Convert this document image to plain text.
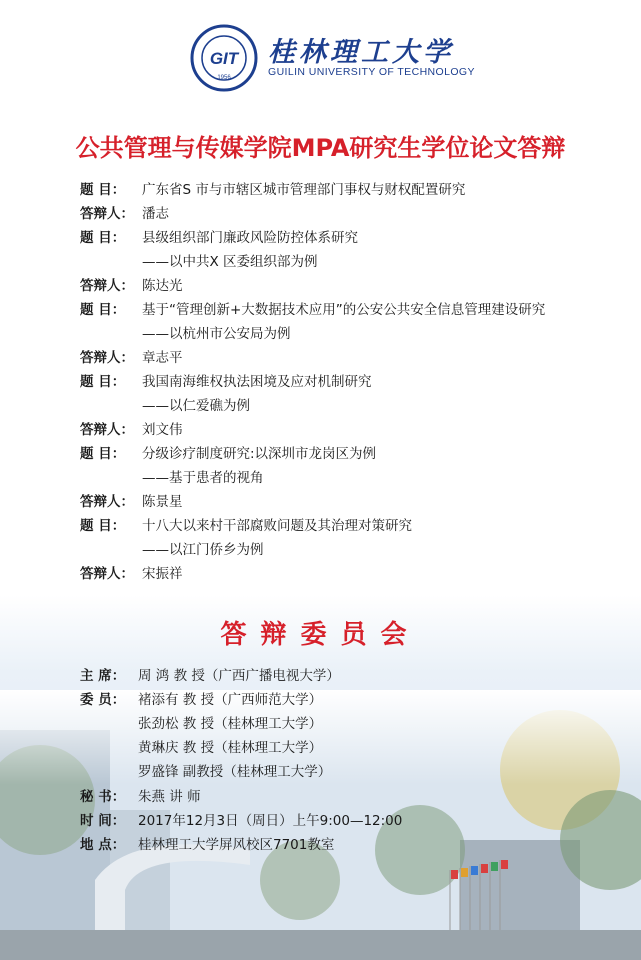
GIT
1956
桂林理工大学
GUILIN UNIVERSITY OF TECHNOLOGY
公共管理与传媒学院MPA研究生学位论文答辩
题 目： 广东省S 市与市辖区城市管理部门事权与财权配置研究
答辩人： 潘志
题 目： 县级组织部门廉政风险防控体系研究
——以中共X 区委组织部为例
答辩人： 陈达光
题 目： 基于“管理创新+大数据技术应用”的公安公共安全信息管理建设研究
——以杭州市公安局为例
答辩人： 章志平
题 目： 我国南海维权执法困境及应对机制研究
——以仁爱礁为例
答辩人： 刘文伟
题 目： 分级诊疗制度研究:以深圳市龙岗区为例
——基于患者的视角
答辩人： 陈景星
题 目： 十八大以来村干部腐败问题及其治理对策研究
——以江门侨乡为例
答辩人： 宋振祥
答辩委员会
主 席： 周 鸿 教 授（广西广播电视大学）
委 员： 褚添有 教 授（广西师范大学）
张劲松 教 授（桂林理工大学）
黄琳庆 教 授（桂林理工大学）
罗盛锋 副教授（桂林理工大学）
秘 书： 朱燕 讲 师
时 间： 2017年12月3日（周日）上午9:00—12:00
地 点： 桂林理工大学屏风校区7701教室
